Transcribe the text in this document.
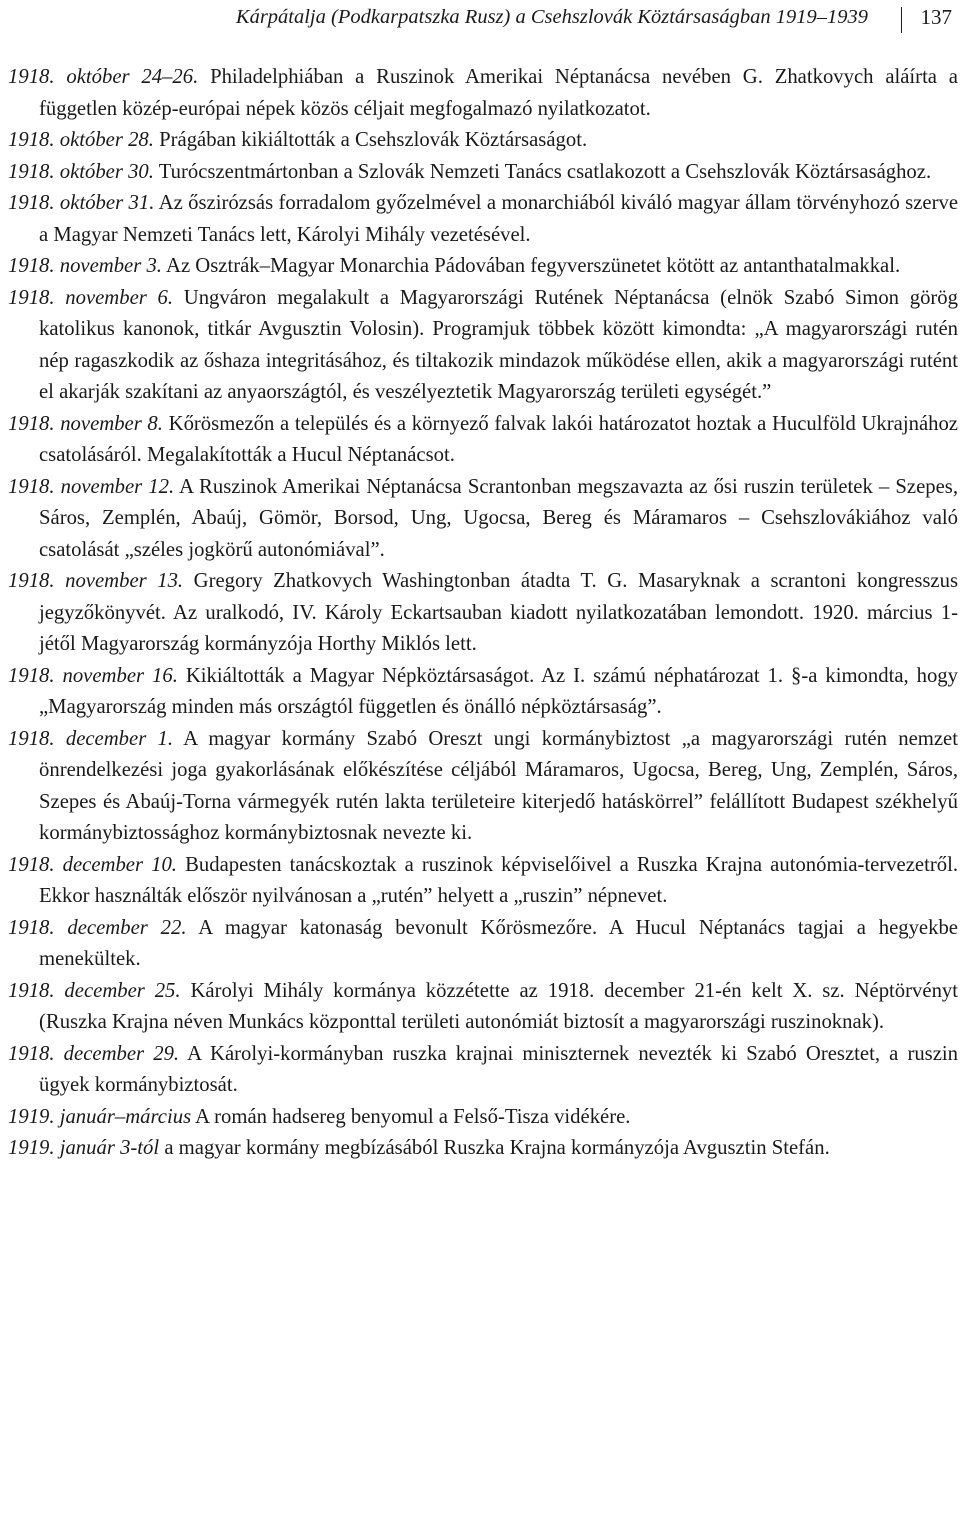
Kárpátalja (Podkarpatszka Rusz) a Csehszlovák Köztársaságban 1919–1939	137

1918. október 24–26. Philadelphiában a Ruszinok Amerikai Néptanácsa nevében G. Zhatkovych aláírta a független közép-európai népek közös céljait megfogalmazó nyilatkozatot.

1918. október 28. Prágában kikiáltották a Csehszlovák Köztársaságot.

1918. október 30. Turócszentmártonban a Szlovák Nemzeti Tanács csatlakozott a Csehszlovák Köztársasághoz.

1918. október 31. Az őszirózsás forradalom győzelmével a monarchiából kiváló magyar állam törvényhozó szerve a Magyar Nemzeti Tanács lett, Károlyi Mihály vezetésével.

1918. november 3. Az Osztrák–Magyar Monarchia Pádovában fegyverszünetet kötött az antanthatalmakkal.

1918. november 6. Ungváron megalakult a Magyarországi Rutének Néptanácsa (elnök Szabó Simon görög katolikus kanonok, titkár Avgusztin Volosin). Programjuk többek között kimondta: „A magyarországi rutén nép ragaszkodik az őshaza integritásához, és tiltakozik mindazok működése ellen, akik a magyarországi rutént el akarják szakítani az anyaországtól, és veszélyeztetik Magyarország területi egységét.”

1918. november 8. Kőrösmezőn a település és a környező falvak lakói határozatot hoztak a Huculföld Ukrajnához csatolásáról. Megalakították a Hucul Néptanácsot.

1918. november 12. A Ruszinok Amerikai Néptanácsa Scrantonban megszavazta az ősi ruszin területek – Szepes, Sáros, Zemplén, Abaúj, Gömör, Borsod, Ung, Ugocsa, Bereg és Máramaros – Csehszlovákiához való csatolását „széles jogkörű autonómiával”.

1918. november 13. Gregory Zhatkovych Washingtonban átadta T. G. Masaryknak a scrantoni kongresszus jegyzőkönyvét. Az uralkodó, IV. Károly Eckartsauban kiadott nyilatkozatában lemondott. 1920. március 1-jétől Magyarország kormányzója Horthy Miklós lett.

1918. november 16. Kikiáltották a Magyar Népköztársaságot. Az I. számú néphatározat 1. §-a kimondta, hogy „Magyarország minden más országtól független és önálló népköztársaság”.

1918. december 1. A magyar kormány Szabó Oreszt ungi kormánybiztost „a magyarországi rutén nemzet önrendelkezési joga gyakorlásának előkészítése céljából Máramaros, Ugocsa, Bereg, Ung, Zemplén, Sáros, Szepes és Abaúj-Torna vármegyék rutén lakta területeire kiterjedő hatáskörrel” felállított Budapest székhelyű kormánybiztossághoz kormánybiztosnak nevezte ki.

1918. december 10. Budapesten tanácskoztak a ruszinok képviselőivel a Ruszka Krajna autonómia-tervezetről. Ekkor használták először nyilvánosan a „rutén” helyett a „ruszin” népnevet.

1918. december 22. A magyar katonaság bevonult Kőrösmezőre. A Hucul Néptanács tagjai a hegyekbe menekültek.

1918. december 25. Károlyi Mihály kormánya közzétette az 1918. december 21-én kelt X. sz. Néptörvényt (Ruszka Krajna néven Munkács központtal területi autonómiát biztosít a magyarországi ruszinoknak).

1918. december 29. A Károlyi-kormányban ruszka krajnai miniszternek nevezték ki Szabó Oresztet, a ruszin ügyek kormánybiztosát.

1919. január–március A román hadsereg benyomul a Felső-Tisza vidékére.

1919. január 3-tól a magyar kormány megbízásából Ruszka Krajna kormányzója Avgusztin Stefán.
